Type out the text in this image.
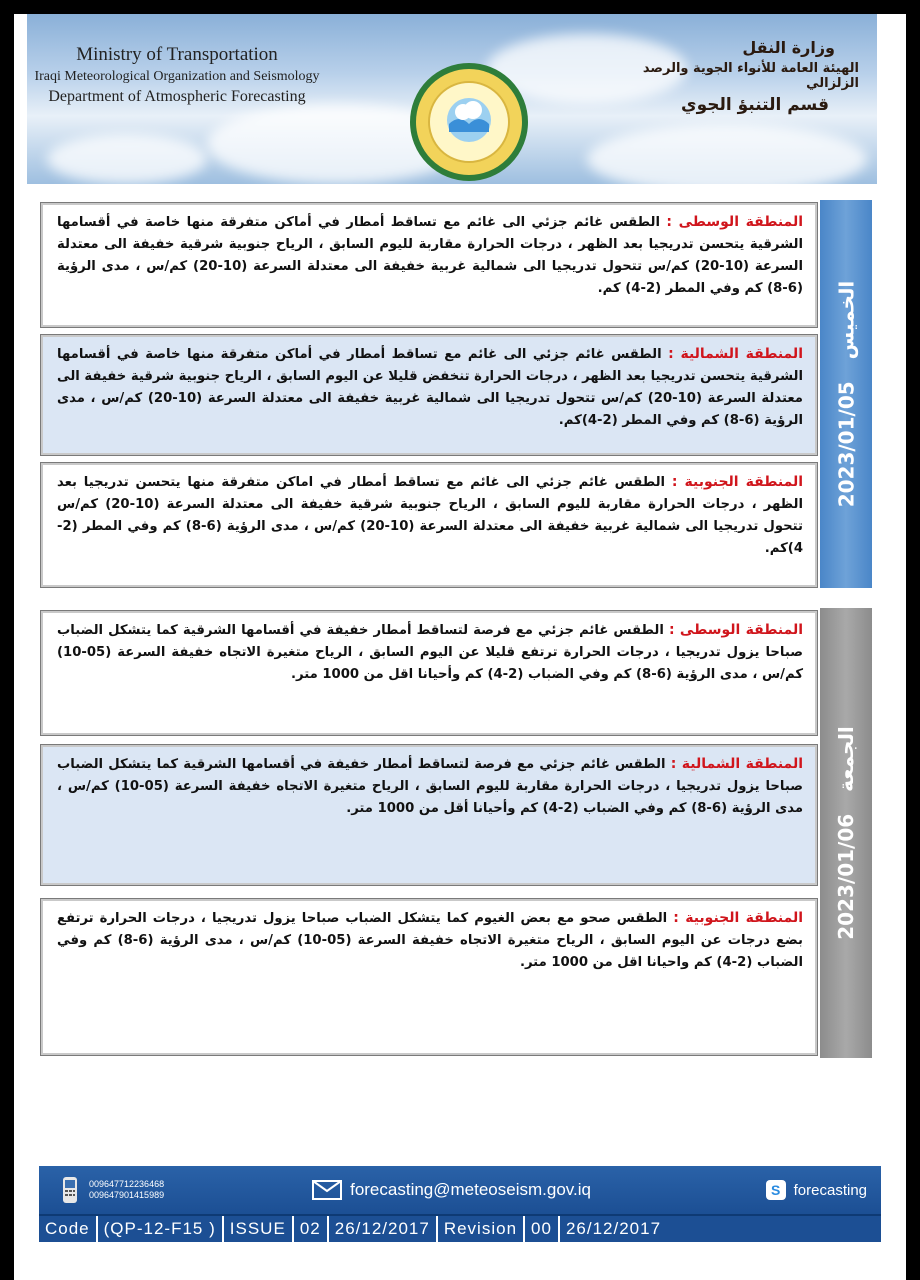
Ministry of Transportation
Iraqi Meteorological Organization and Seismology
Department of Atmospheric Forecasting
وزارة النقل
الهيئة العامة للأنواء الجوية والرصد الزلزالي
قسم التنبؤ الجوي
2023/01/05
الخميس
المنطقة الوسطى : الطقس غائم جزئي الى غائم مع تساقط أمطار في أماكن متفرقة منها خاصة في أقسامها الشرقية يتحسن تدريجيا بعد الظهر ، درجات الحرارة مقاربة لليوم السابق ، الرياح جنوبية شرقية خفيفة الى معتدلة السرعة (10-20) كم/س تتحول تدريجيا الى شمالية غربية خفيفة الى معتدلة السرعة (10-20) كم/س ، مدى الرؤية (6-8) كم وفي المطر (2-4) كم.
المنطقة الشمالية : الطقس غائم جزئي الى غائم مع تساقط أمطار في أماكن متفرقة منها خاصة في أقسامها الشرقية يتحسن تدريجيا بعد الظهر ، درجات الحرارة تنخفض قليلا عن اليوم السابق ، الرياح جنوبية شرقية خفيفة الى معتدلة السرعة (10-20) كم/س تتحول تدريجيا الى شمالية غربية خفيفة الى معتدلة السرعة (10-20) كم/س ، مدى الرؤية (6-8) كم وفي المطر (2-4)كم.
المنطقة الجنوبية : الطقس غائم جزئي الى غائم مع تساقط أمطار في اماكن متفرقة منها يتحسن تدريجيا بعد الظهر ، درجات الحرارة مقاربة لليوم السابق ، الرياح جنوبية شرقية خفيفة الى معتدلة السرعة (10-20) كم/س تتحول تدريجيا الى شمالية غربية خفيفة الى معتدلة السرعة (10-20) كم/س ، مدى الرؤية (6-8) كم وفي المطر (2-4)كم.
2023/01/06
الجمعة
المنطقة الوسطى : الطقس غائم جزئي مع فرصة لتساقط أمطار خفيفة في أقسامها الشرقية كما يتشكل الضباب صباحا يزول تدريجيا ، درجات الحرارة ترتفع قليلا عن اليوم السابق ، الرياح متغيرة الاتجاه خفيفة السرعة (05-10) كم/س ، مدى الرؤية (6-8) كم وفي الضباب (2-4) كم وأحيانا اقل من 1000 متر.
المنطقة الشمالية : الطقس غائم جزئي مع فرصة لتساقط أمطار خفيفة في أقسامها الشرقية كما يتشكل الضباب صباحا يزول تدريجيا ، درجات الحرارة مقاربة لليوم السابق ، الرياح متغيرة الاتجاه خفيفة السرعة (05-10) كم/س ، مدى الرؤية (6-8) كم وفي الضباب (2-4) كم وأحيانا أقل من 1000 متر.
المنطقة الجنوبية : الطقس صحو مع بعض الغيوم كما يتشكل الضباب صباحا يزول تدريجيا ، درجات الحرارة ترتفع بضع درجات عن اليوم السابق ، الرياح متغيرة الاتجاه خفيفة السرعة (05-10) كم/س ، مدى الرؤية (6-8) كم وفي الضباب (2-4) كم واحيانا اقل من 1000 متر.
009647712236468
009647901415989	forecasting@meteoseism.gov.iq	S forecasting
Code (QP-12-F15 ) ISSUE 02 26/12/2017 Revision 00 26/12/2017
